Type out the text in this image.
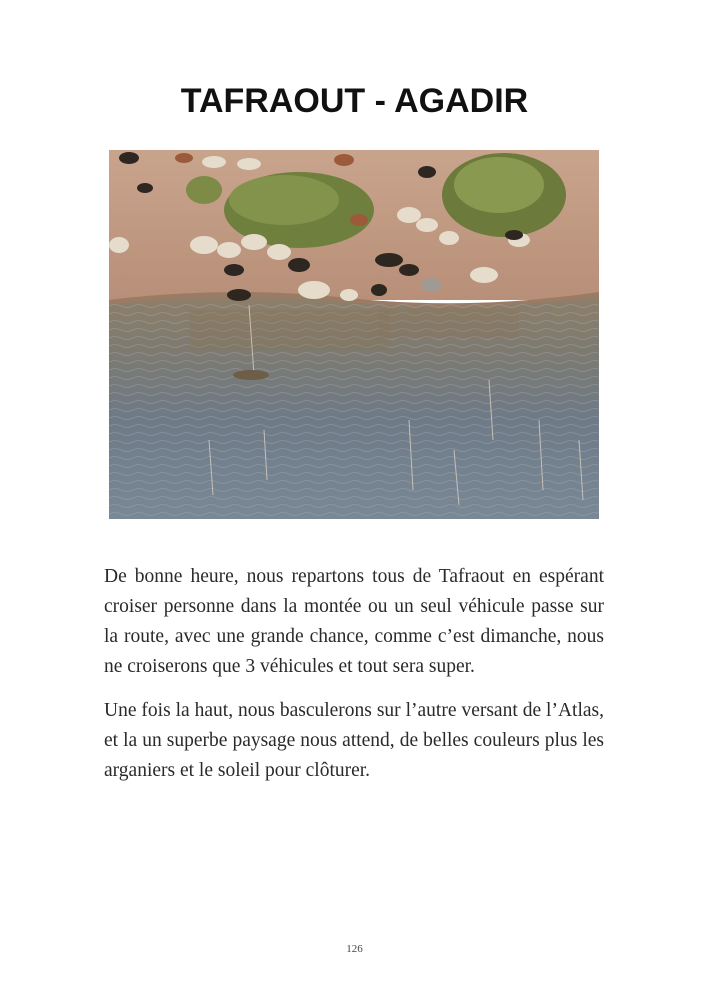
TAFRAOUT - AGADIR

De bonne heure, nous repartons tous de Tafraout en espérant croiser personne dans la montée ou un seul véhicule passe sur la route, avec une grande chance, comme c’est dimanche, nous ne croiserons que 3 véhicules et tout sera super.

Une fois la haut, nous basculerons sur l’autre versant de l’Atlas, et la un superbe paysage nous attend, de belles couleurs plus les arganiers et le soleil pour clôturer.

126
